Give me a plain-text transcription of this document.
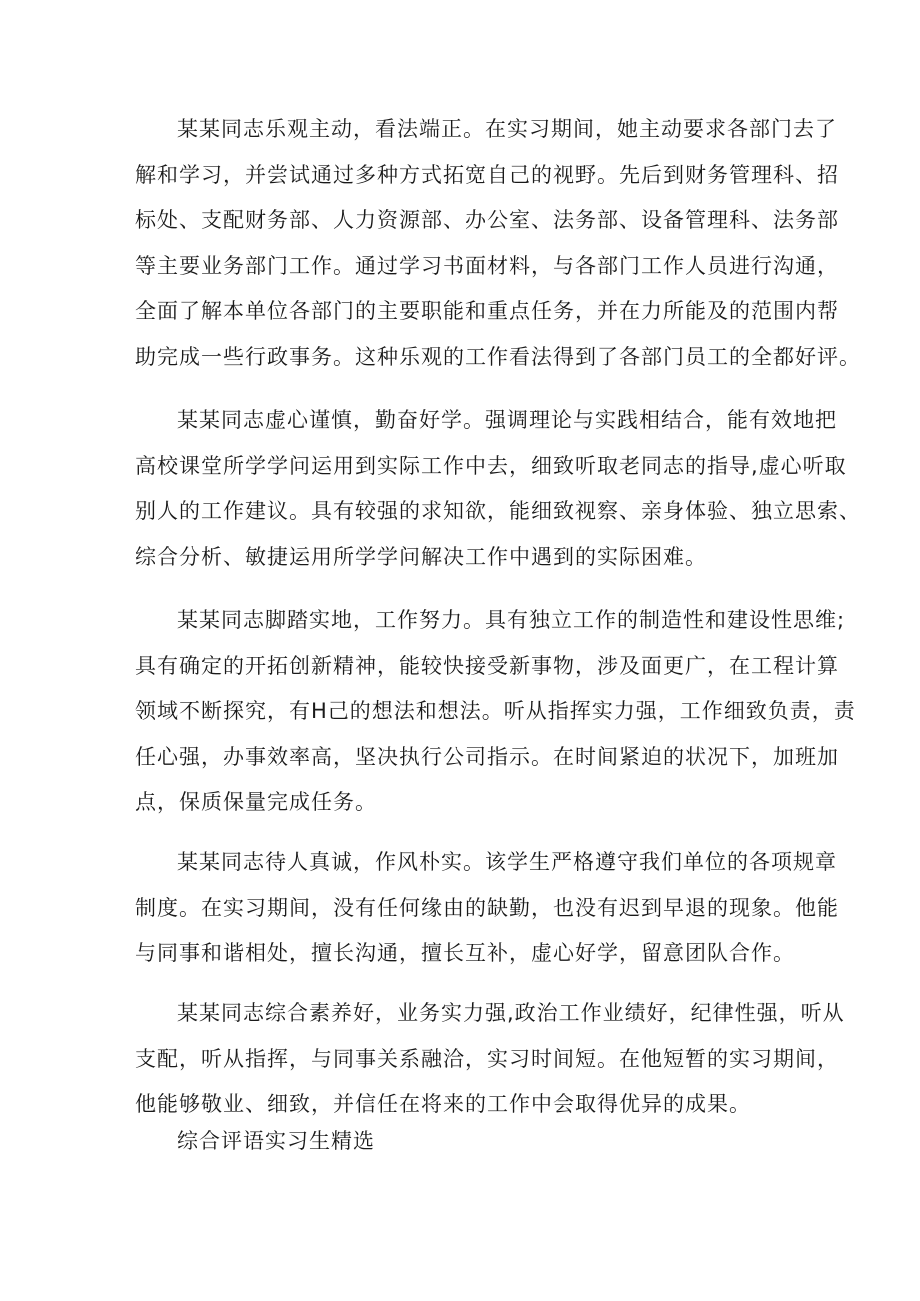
某某同志乐观主动，看法端正。在实习期间，她主动要求各部门去了
解和学习，并尝试通过多种方式拓宽自己的视野。先后到财务管理科、招
标处、支配财务部、人力资源部、办公室、法务部、设备管理科、法务部
等主要业务部门工作。通过学习书面材料，与各部门工作人员进行沟通，
全面了解本单位各部门的主要职能和重点任务，并在力所能及的范围内帮
助完成一些行政事务。这种乐观的工作看法得到了各部门员工的全都好评。
某某同志虚心谨慎，勤奋好学。强调理论与实践相结合，能有效地把
高校课堂所学学问运用到实际工作中去，细致听取老同志的指导,虚心听取
别人的工作建议。具有较强的求知欲，能细致视察、亲身体验、独立思索、
综合分析、敏捷运用所学学问解决工作中遇到的实际困难。
某某同志脚踏实地，工作努力。具有独立工作的制造性和建设性思维;
具有确定的开拓创新精神，能较快接受新事物，涉及面更广，在工程计算
领域不断探究，有H己的想法和想法。听从指挥实力强，工作细致负责，责
任心强，办事效率高，坚决执行公司指示。在时间紧迫的状况下，加班加
点，保质保量完成任务。
某某同志待人真诚，作风朴实。该学生严格遵守我们单位的各项规章
制度。在实习期间，没有任何缘由的缺勤，也没有迟到早退的现象。他能
与同事和谐相处，擅长沟通，擅长互补，虚心好学，留意团队合作。
某某同志综合素养好，业务实力强,政治工作业绩好，纪律性强，听从
支配，听从指挥，与同事关系融洽，实习时间短。在他短暂的实习期间，
他能够敬业、细致，并信任在将来的工作中会取得优异的成果。
综合评语实习生精选
